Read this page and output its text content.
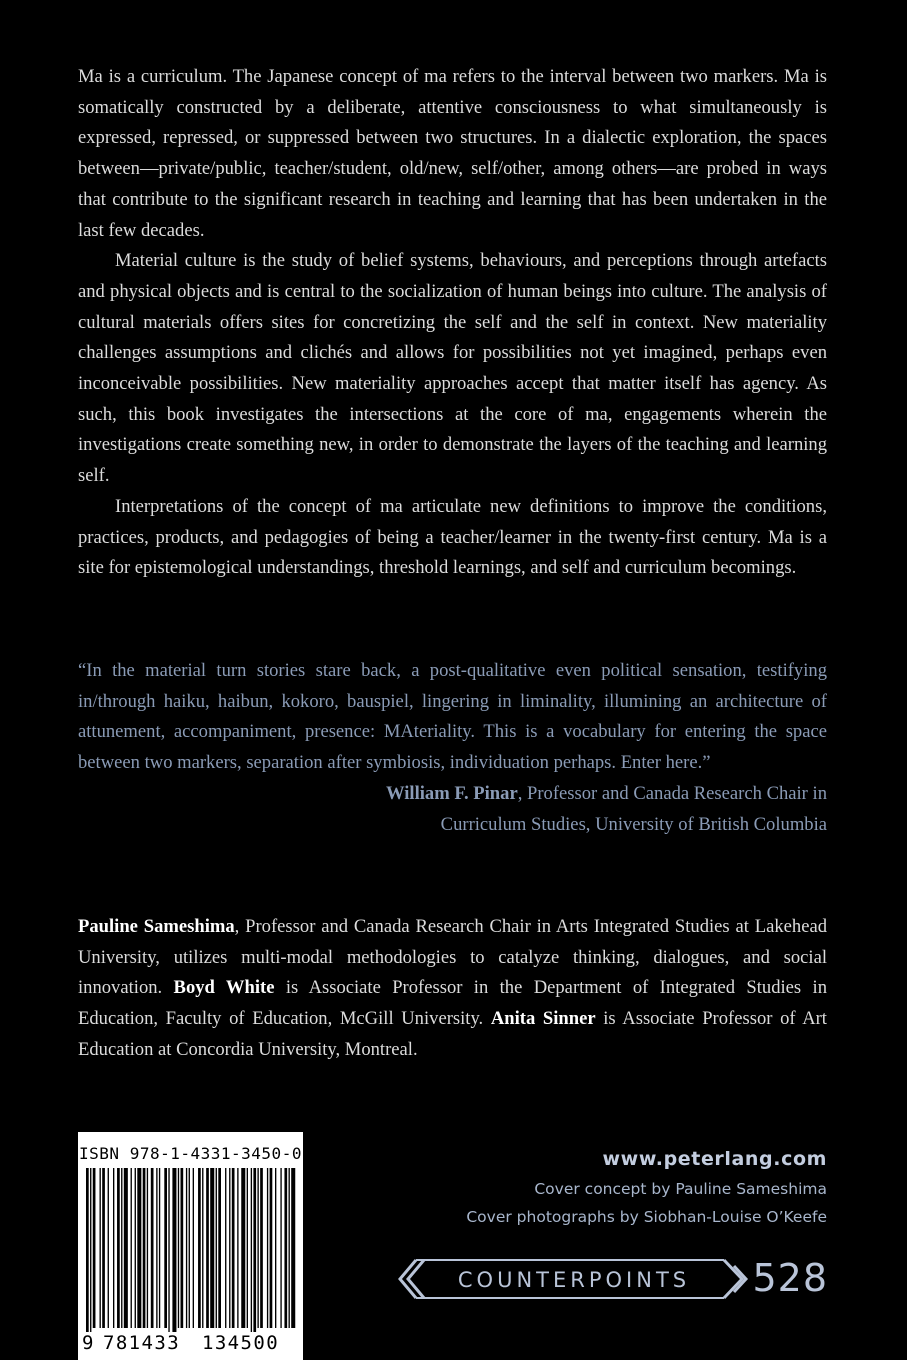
Ma is a curriculum. The Japanese concept of ma refers to the interval between two markers. Ma is somatically constructed by a deliberate, attentive consciousness to what simultaneously is expressed, repressed, or suppressed between two structures. In a dialectic exploration, the spaces between—private/public, teacher/student, old/new, self/other, among others—are probed in ways that contribute to the significant research in teaching and learning that has been undertaken in the last few decades.

Material culture is the study of belief systems, behaviours, and perceptions through artefacts and physical objects and is central to the socialization of human beings into culture. The analysis of cultural materials offers sites for concretizing the self and the self in context. New materiality challenges assumptions and clichés and allows for possibilities not yet imagined, perhaps even inconceivable possibilities. New materiality approaches accept that matter itself has agency. As such, this book investigates the intersections at the core of ma, engagements wherein the investigations create something new, in order to demonstrate the layers of the teaching and learning self.

Interpretations of the concept of ma articulate new definitions to improve the conditions, practices, products, and pedagogies of being a teacher/learner in the twenty-first century. Ma is a site for epistemological understandings, threshold learnings, and self and curriculum becomings.

“In the material turn stories stare back, a post-qualitative even political sensation, testifying in/through haiku, haibun, kokoro, bauspiel, lingering in liminality, illumining an architecture of attunement, accompaniment, presence: MAteriality. This is a vocabulary for entering the space between two markers, separation after symbiosis, individuation perhaps. Enter here.”

William F. Pinar, Professor and Canada Research Chair in

Curriculum Studies, University of British Columbia

Pauline Sameshima, Professor and Canada Research Chair in Arts Integrated Studies at Lakehead University, utilizes multi-modal methodologies to catalyze thinking, dialogues, and social innovation. Boyd White is Associate Professor in the Department of Integrated Studies in Education, Faculty of Education, McGill University. Anita Sinner is Associate Professor of Art Education at Concordia University, Montreal.

ISBN 978-1-4331-3450-0
9 781433 134500

www.peterlang.com

Cover concept by Pauline Sameshima

Cover photographs by Siobhan-Louise O’Keefe

COUNTERPOINTS 528
